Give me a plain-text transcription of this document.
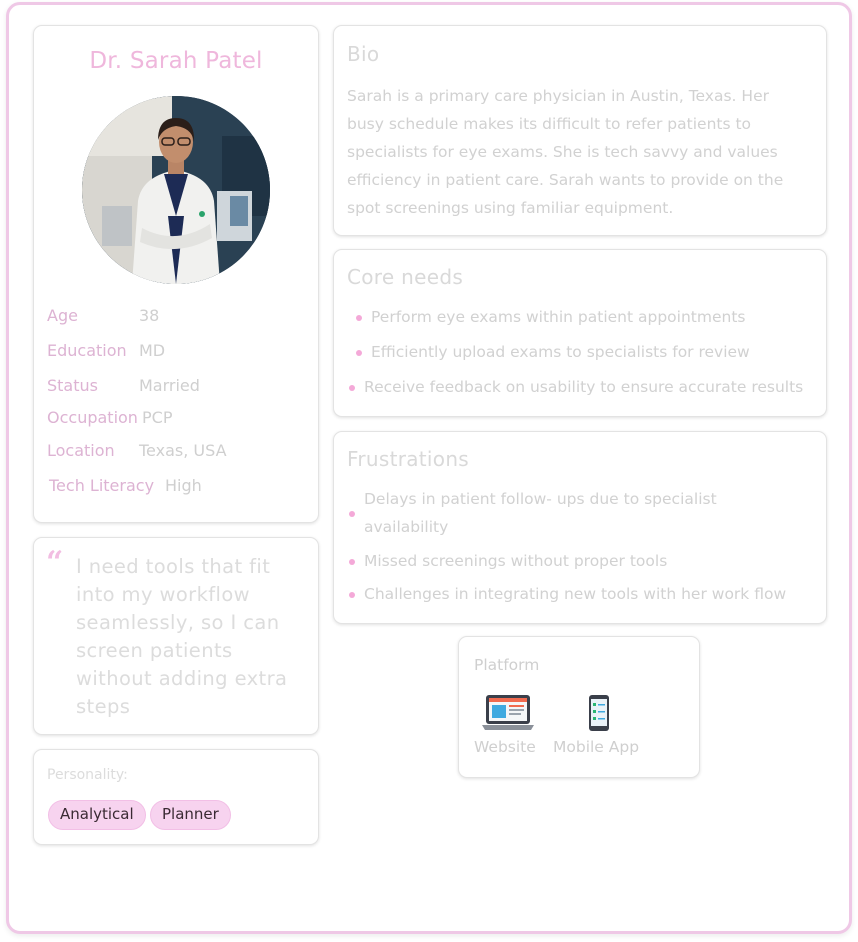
Dr. Sarah Patel
Age	38
Education MD
Status	Married
Occupation PCP
Location Texas, USA
Tech Literacy High
“ I need tools that fit into my workflow seamlessly, so I can screen patients without adding extra steps
Personality:
Analytical	Planner
Bio
Sarah is a primary care physician in Austin, Texas. Her busy schedule makes its difficult to refer patients to specialists for eye exams. She is tech savvy and values efficiency in patient care. Sarah wants to provide on the spot screenings using familiar equipment.
Core needs
Perform eye exams within patient appointments
Efficiently upload exams to specialists for review
Receive feedback on usability to ensure accurate results
Frustrations
Delays in patient follow- ups due to specialist availability
Missed screenings without proper tools
Challenges in integrating new tools with her work flow
Platform
Website Mobile App
